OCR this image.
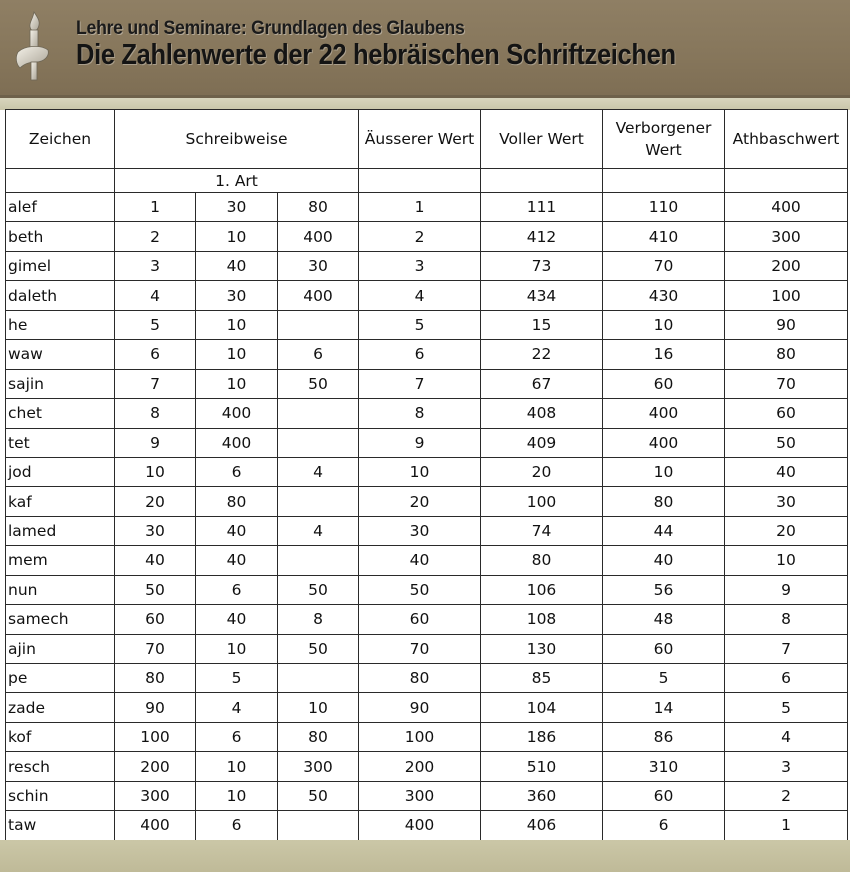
Lehre und Seminare: Grundlagen des Glaubens
Die Zahlenwerte der 22 hebräischen Schriftzeichen
Zeichen	Schreibweise			Äusserer Wert	Voller Wert	Verborgener Wert	Athbaschwert
	1. Art						
alef	1	30	80	1	111	110	400
beth	2	10	400	2	412	410	300
gimel	3	40	30	3	73	70	200
daleth	4	30	400	4	434	430	100
he	5	10		5	15	10	90
waw	6	10	6	6	22	16	80
sajin	7	10	50	7	67	60	70
chet	8	400		8	408	400	60
tet	9	400		9	409	400	50
jod	10	6	4	10	20	10	40
kaf	20	80		20	100	80	30
lamed	30	40	4	30	74	44	20
mem	40	40		40	80	40	10
nun	50	6	50	50	106	56	9
samech	60	40	8	60	108	48	8
ajin	70	10	50	70	130	60	7
pe	80	5		80	85	5	6
zade	90	4	10	90	104	14	5
kof	100	6	80	100	186	86	4
resch	200	10	300	200	510	310	3
schin	300	10	50	300	360	60	2
taw	400	6		400	406	6	1
